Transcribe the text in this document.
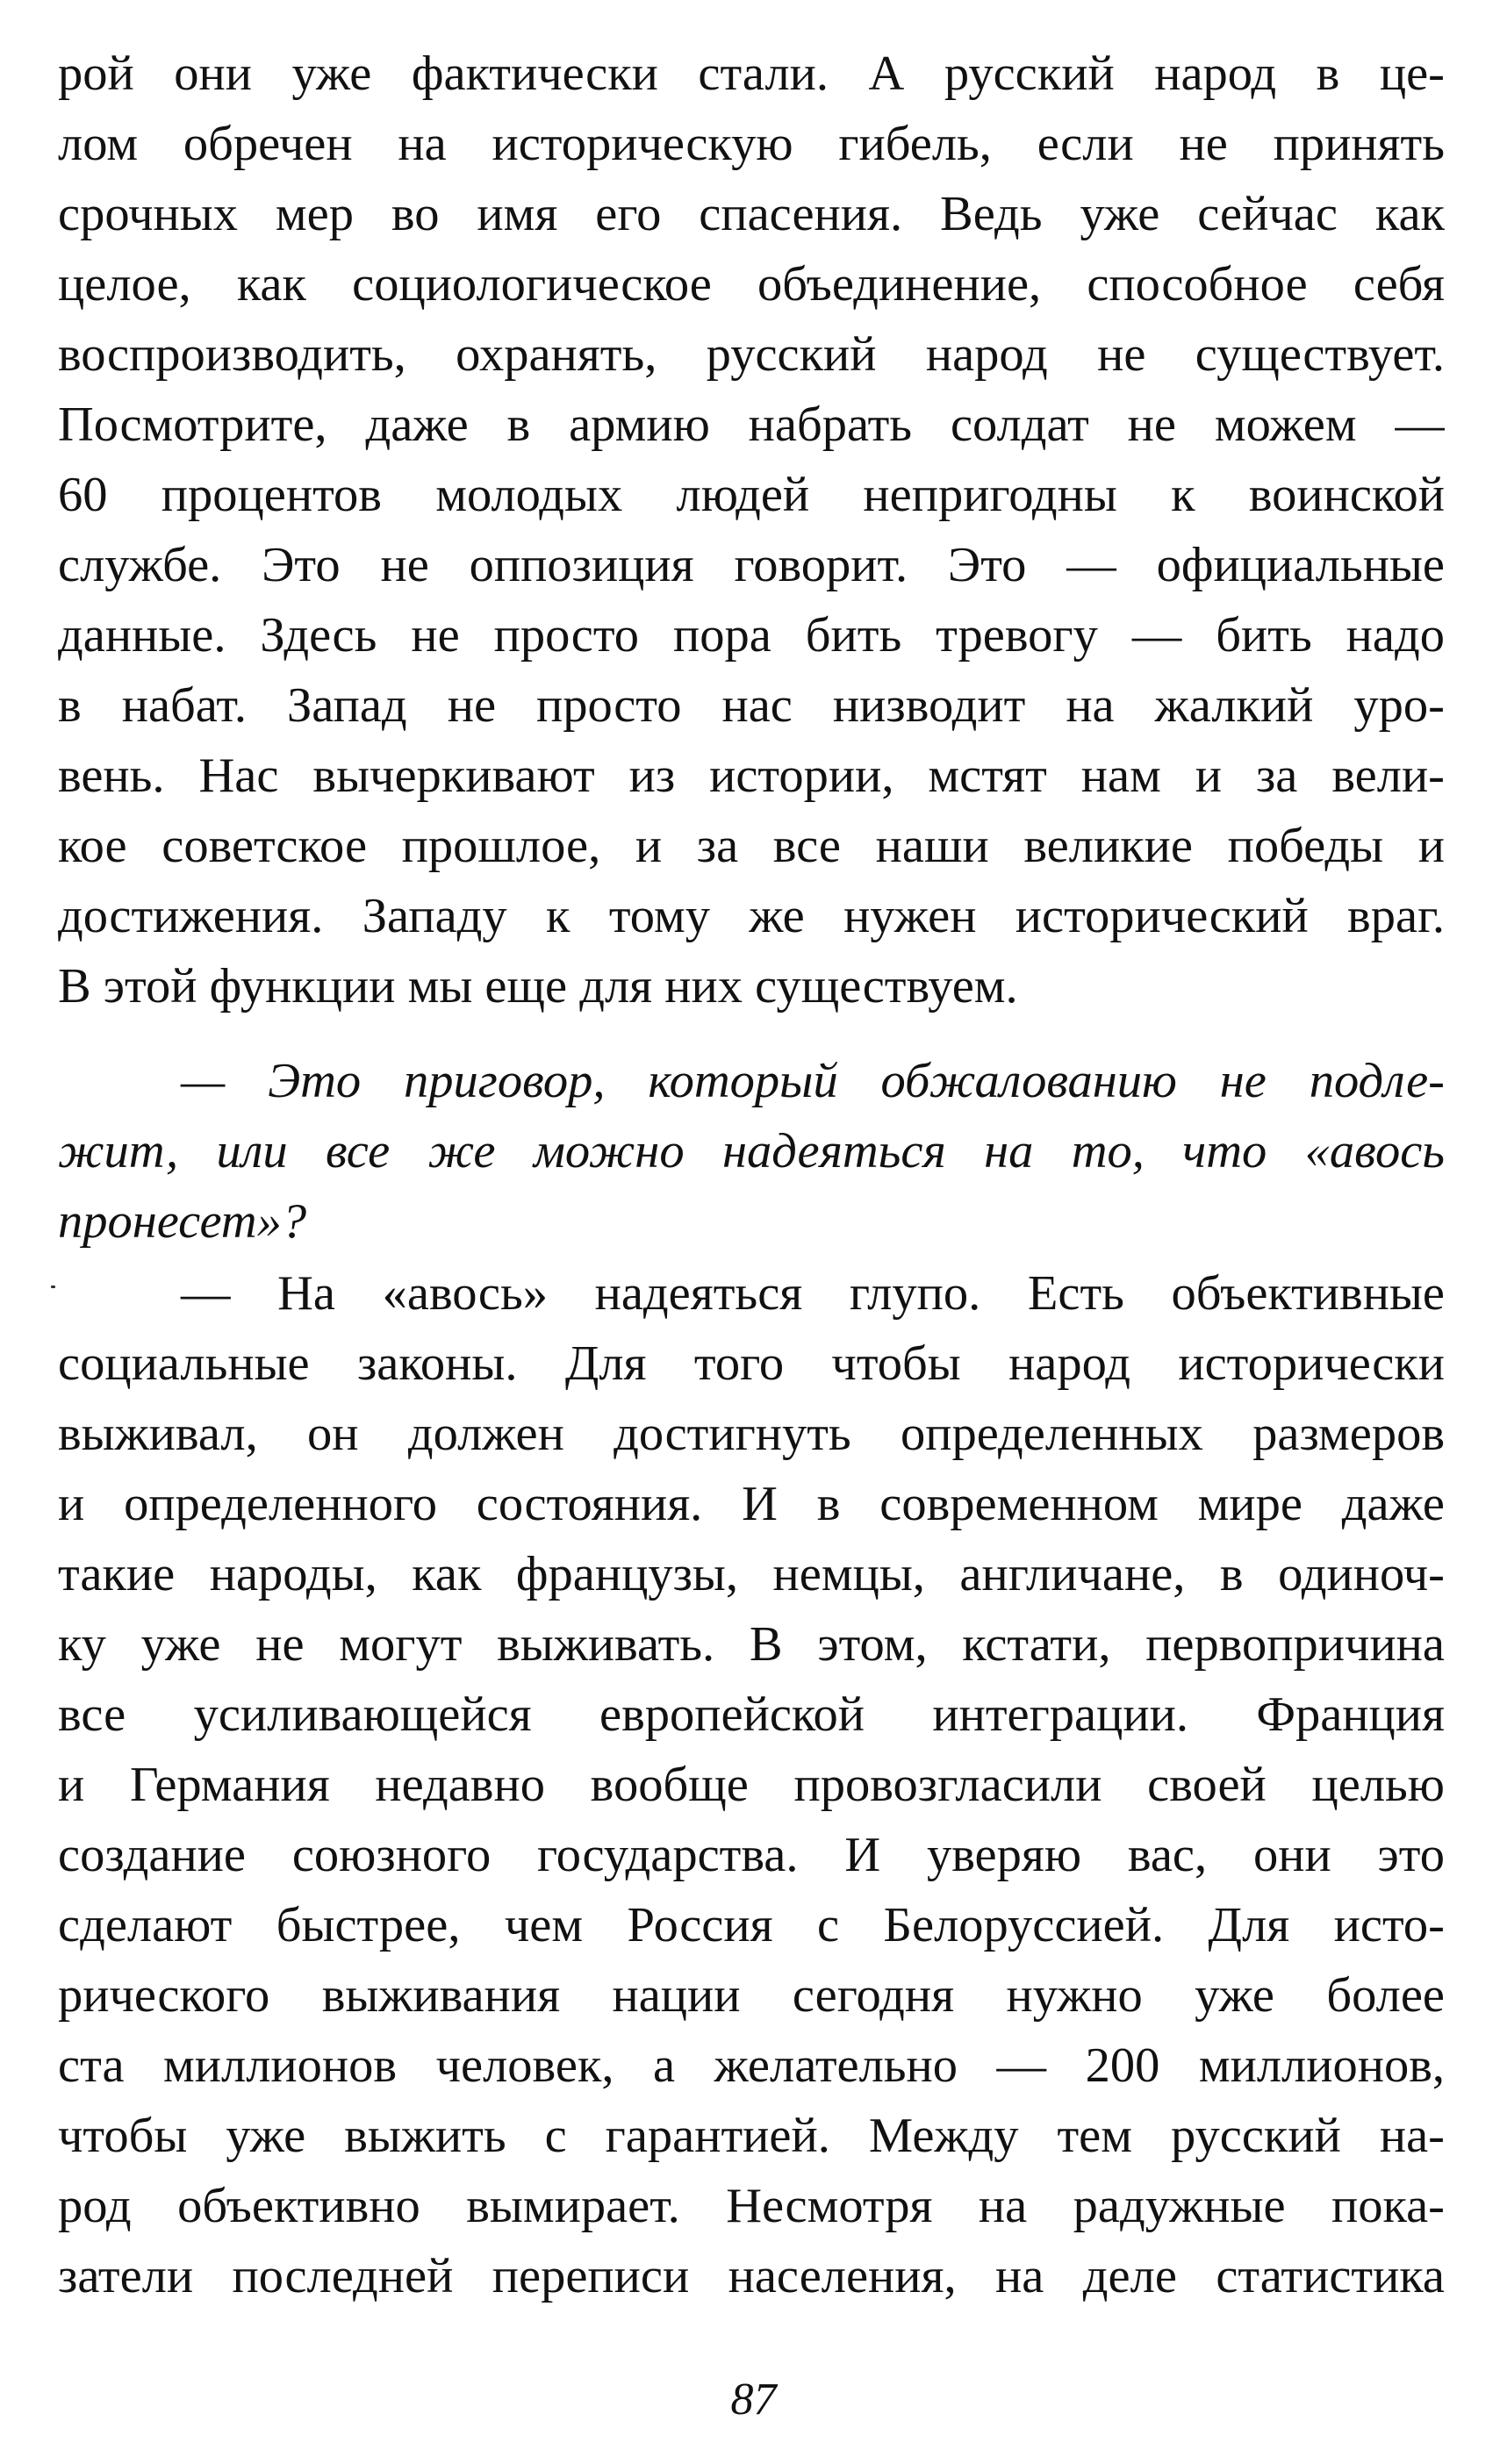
рой они уже фактически стали. А русский народ в це-
лом обречен на историческую гибель, если не принять
срочных мер во имя его спасения. Ведь уже сейчас как
целое, как социологическое объединение, способное себя
воспроизводить, охранять, русский народ не существует.
Посмотрите, даже в армию набрать солдат не можем —
60 процентов молодых людей непригодны к воинской
службе. Это не оппозиция говорит. Это — официальные
данные. Здесь не просто пора бить тревогу — бить надо
в набат. Запад не просто нас низводит на жалкий уро-
вень. Нас вычеркивают из истории, мстят нам и за вели-
кое советское прошлое, и за все наши великие победы и
достижения. Западу к тому же нужен исторический враг.
В этой функции мы еще для них существуем.
— Это приговор, который обжалованию не подле-
жит, или все же можно надеяться на то, что «авось
пронесет»?
— На «авось» надеяться глупо. Есть объективные
социальные законы. Для того чтобы народ исторически
выживал, он должен достигнуть определенных размеров
и определенного состояния. И в современном мире даже
такие народы, как французы, немцы, англичане, в одиноч-
ку уже не могут выживать. В этом, кстати, первопричина
все усиливающейся европейской интеграции. Франция
и Германия недавно вообще провозгласили своей целью
создание союзного государства. И уверяю вас, они это
сделают быстрее, чем Россия с Белоруссией. Для исто-
рического выживания нации сегодня нужно уже более
ста миллионов человек, а желательно — 200 миллионов,
чтобы уже выжить с гарантией. Между тем русский на-
род объективно вымирает. Несмотря на радужные пока-
затели последней переписи населения, на деле статистика
87
